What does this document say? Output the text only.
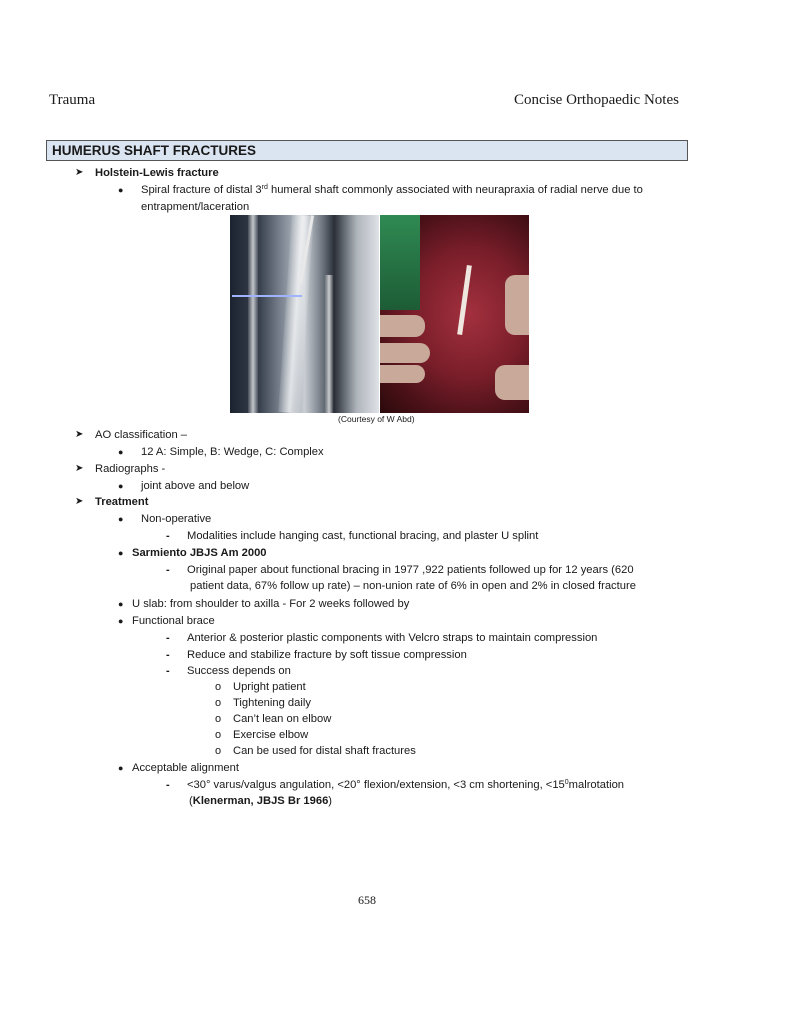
Trauma	Concise Orthopaedic Notes
HUMERUS SHAFT FRACTURES
➤ Holstein-Lewis fracture
● Spiral fracture of distal 3rd humeral shaft commonly associated with neurapraxia of radial nerve due to
entrapment/laceration
(Courtesy of W Abd)
➤ AO classification –
● 12 A: Simple, B: Wedge, C: Complex
➤ Radiographs -
● joint above and below
➤ Treatment
● Non-operative
- Modalities include hanging cast, functional bracing, and plaster U splint
● Sarmiento JBJS Am 2000
- Original paper about functional bracing in 1977 ,922 patients followed up for 12 years (620
patient data, 67% follow up rate) – non-union rate of 6% in open and 2% in closed fracture
● U slab: from shoulder to axilla - For 2 weeks followed by
● Functional brace
- Anterior & posterior plastic components with Velcro straps to maintain compression
- Reduce and stabilize fracture by soft tissue compression
- Success depends on
o Upright patient
o Tightening daily
o Can’t lean on elbow
o Exercise elbow
o Can be used for distal shaft fractures
● Acceptable alignment
- <30° varus/valgus angulation, <20° flexion/extension, <3 cm shortening, $<15^0malrotation$
(Klenerman, JBJS Br 1966)
658
